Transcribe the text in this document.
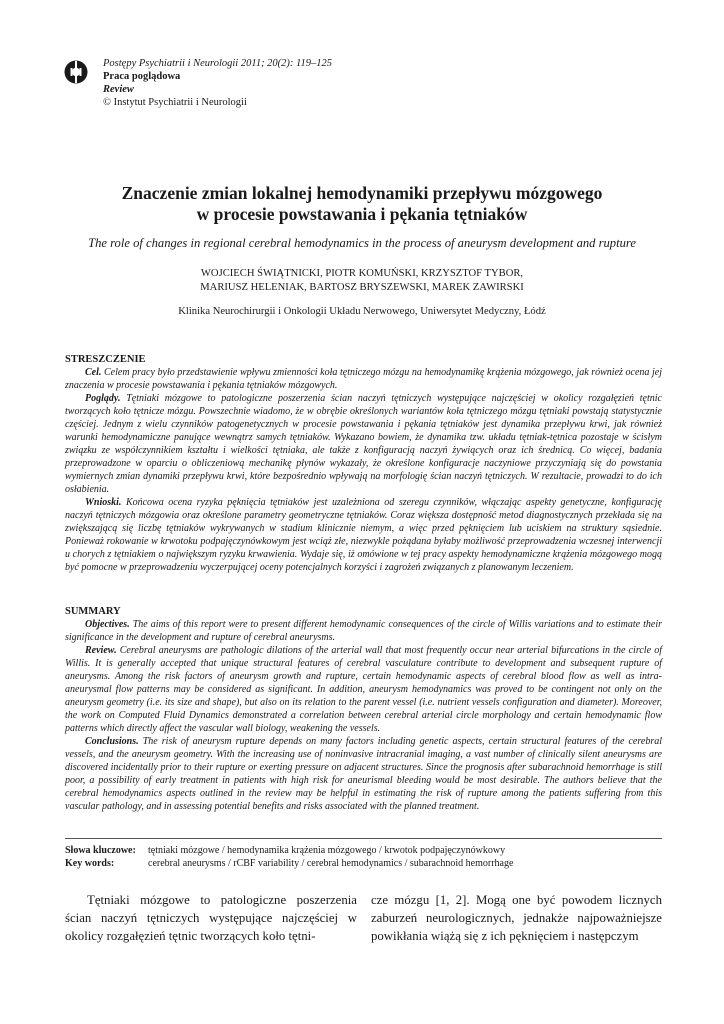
Postępy Psychiatrii i Neurologii 2011; 20(2): 119–125
Praca poglądowa
Review
© Instytut Psychiatrii i Neurologii
Znaczenie zmian lokalnej hemodynamiki przepływu mózgowego
w procesie powstawania i pękania tętniaków
The role of changes in regional cerebral hemodynamics in the process of aneurysm development and rupture
WOJCIECH ŚWIĄTNICKI, PIOTR KOMUŃSKI, KRZYSZTOF TYBOR,
MARIUSZ HELENIAK, BARTOSZ BRYSZEWSKI, MAREK ZAWIRSKI
Klinika Neurochirurgii i Onkologii Układu Nerwowego, Uniwersytet Medyczny, Łódź
STRESZCZENIE

Cel. Celem pracy było przedstawienie wpływu zmienności koła tętniczego mózgu na hemodynamikę krążenia mózgowego, jak również ocena jej znaczenia w procesie powstawania i pękania tętniaków mózgowych.

Poglądy. Tętniaki mózgowe to patologiczne poszerzenia ścian naczyń tętniczych występujące najczęściej w okolicy rozgałęzień tętnic tworzących koło tętnicze mózgu. Powszechnie wiadomo, że w obrębie określonych wariantów koła tętniczego mózgu tętniaki powstają statystycznie częściej. Jednym z wielu czynników patogenetycznych w procesie powstawania i pękania tętniaków jest dynamika przepływu krwi, jak również warunki hemodynamiczne panujące wewnątrz samych tętniaków. Wykazano bowiem, że dynamika tzw. układu tętniak-tętnica pozostaje w ścisłym związku ze współczynnikiem kształtu i wielkości tętniaka, ale także z konfiguracją naczyń żywiących oraz ich średnicą. Co więcej, badania przeprowadzone w oparciu o obliczeniową mechanikę płynów wykazały, że określone konfiguracje naczyniowe przyczyniają się do powstania wymiernych zmian dynamiki przepływu krwi, które bezpośrednio wpływają na morfologię ścian naczyń tętniczych. W rezultacie, prowadzi to do ich osłabienia.

Wnioski. Końcowa ocena ryzyka pęknięcia tętniaków jest uzależniona od szeregu czynników, włączając aspekty genetyczne, konfigurację naczyń tętniczych mózgowia oraz określone parametry geometryczne tętniaków. Coraz większa dostępność metod diagnostycznych przekłada się na zwiększającą się liczbę tętniaków wykrywanych w stadium klinicznie niemym, a więc przed pęknięciem lub uciskiem na struktury sąsiednie. Ponieważ rokowanie w krwotoku podpajęczynówkowym jest wciąż złe, niezwykle pożądana byłaby możliwość przeprowadzenia wczesnej interwencji u chorych z tętniakiem o największym ryzyku krwawienia. Wydaje się, iż omówione w tej pracy aspekty hemodynamiczne krążenia mózgowego mogą być pomocne w przeprowadzeniu wyczerpującej oceny potencjalnych korzyści i zagrożeń związanych z planowanym leczeniem.

SUMMARY

Objectives. The aims of this report were to present different hemodynamic consequences of the circle of Willis variations and to estimate their significance in the development and rupture of cerebral aneurysms.

Review. Cerebral aneurysms are pathologic dilations of the arterial wall that most frequently occur near arterial bifurcations in the circle of Willis. It is generally accepted that unique structural features of cerebral vasculature contribute to development and subsequent rupture of aneurysms. Among the risk factors of aneurysm growth and rupture, certain hemodynamic aspects of cerebral blood flow as well as intra-aneurysmal flow patterns may be considered as significant. In addition, aneurysm hemodynamics was proved to be contingent not only on the aneurysm geometry (i.e. its size and shape), but also on its relation to the parent vessel (i.e. nutrient vessels configuration and diameter). Moreover, the work on Computed Fluid Dynamics demonstrated a correlation between cerebral arterial circle morphology and certain hemodynamic flow patterns which directly affect the vascular wall biology, weakening the vessels.

Conclusions. The risk of aneurysm rupture depends on many factors including genetic aspects, certain structural features of the cerebral vessels, and the aneurysm geometry. With the increasing use of noninvasive intracranial imaging, a vast number of clinically silent aneurysms are discovered incidentally prior to their rupture or exerting pressure on adjacent structures. Since the prognosis after subarachnoid hemorrhage is still poor, a possibility of early treatment in patients with high risk for aneurismal bleeding would be most desirable. The authors believe that the cerebral hemodynamics aspects outlined in the review may be helpful in estimating the risk of rupture among the patients suffering from this vascular pathology, and in assessing potential benefits and risks associated with the planned treatment.

Słowa kluczowe:	tętniaki mózgowe / hemodynamika krążenia mózgowego / krwotok podpajęczynówkowy
Key words:	cerebral aneurysms / rCBF variability / cerebral hemodynamics / subarachnoid hemorrhage

Tętniaki mózgowe to patologiczne poszerzenia ścian naczyń tętniczych występujące najczęściej w okolicy rozgałęzień tętnic tworzących koło tętni-

cze mózgu [1, 2]. Mogą one być powodem licznych zaburzeń neurologicznych, jednakże najpoważniejsze powikłania wiążą się z ich pęknięciem i następczym
